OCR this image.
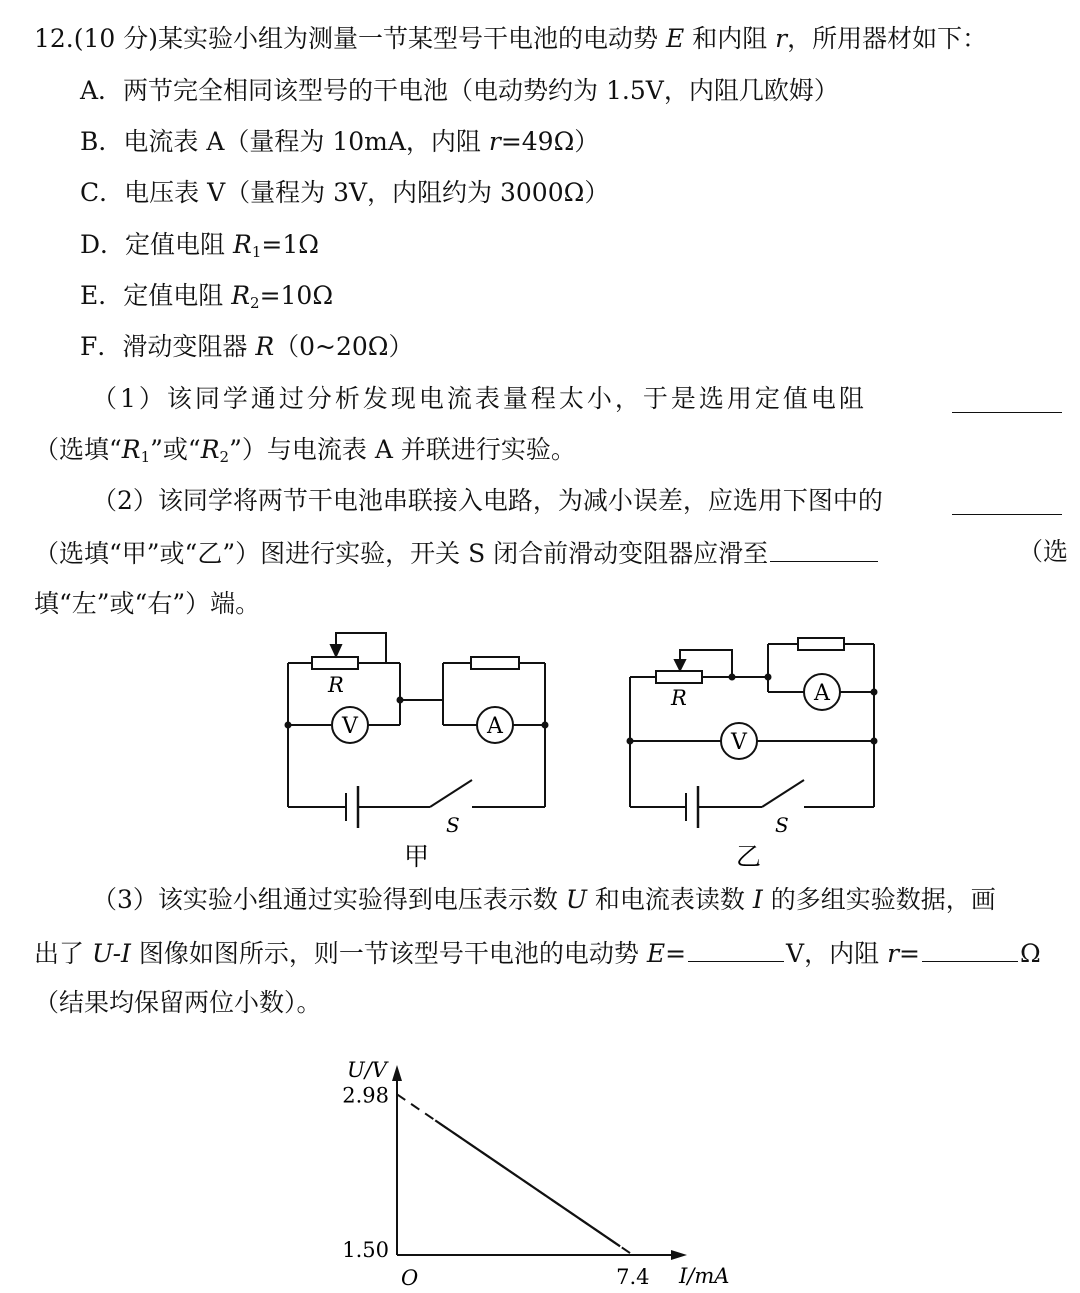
12.(10 分)某实验小组为测量一节某型号干电池的电动势 E 和内阻 r，所用器材如下：
A．两节完全相同该型号的干电池（电动势约为 1.5V，内阻几欧姆）
B．电流表 A（量程为 10mA，内阻 r=49Ω）
C．电压表 V（量程为 3V，内阻约为 3000Ω）
D．定值电阻 $R_1=1\Omega$
E．定值电阻 $R_2=10\Omega$
F．滑动变阻器 R（0~20Ω）
（1）该同学通过分析发现电流表量程太小，于是选用定值电阻
（选填“$R_1$”或“$R_2$”）与电流表 A 并联进行实验。
（2）该同学将两节干电池串联接入电路，为减小误差，应选用下图中的
（选填“甲”或“乙”）图进行实验，开关 S 闭合前滑动变阻器应滑至	（选
填“左”或“右”）端。
R
V	A
S
甲
R
V
A
S
乙
U/V
I/mA
O
2.98
1.50
7.4
（3）该实验小组通过实验得到电压表示数 U 和电流表读数 I 的多组实验数据，画
出了 U-I 图像如图所示，则一节该型号干电池的电动势 E=	V，内阻 r=	Ω
（结果均保留两位小数）。
